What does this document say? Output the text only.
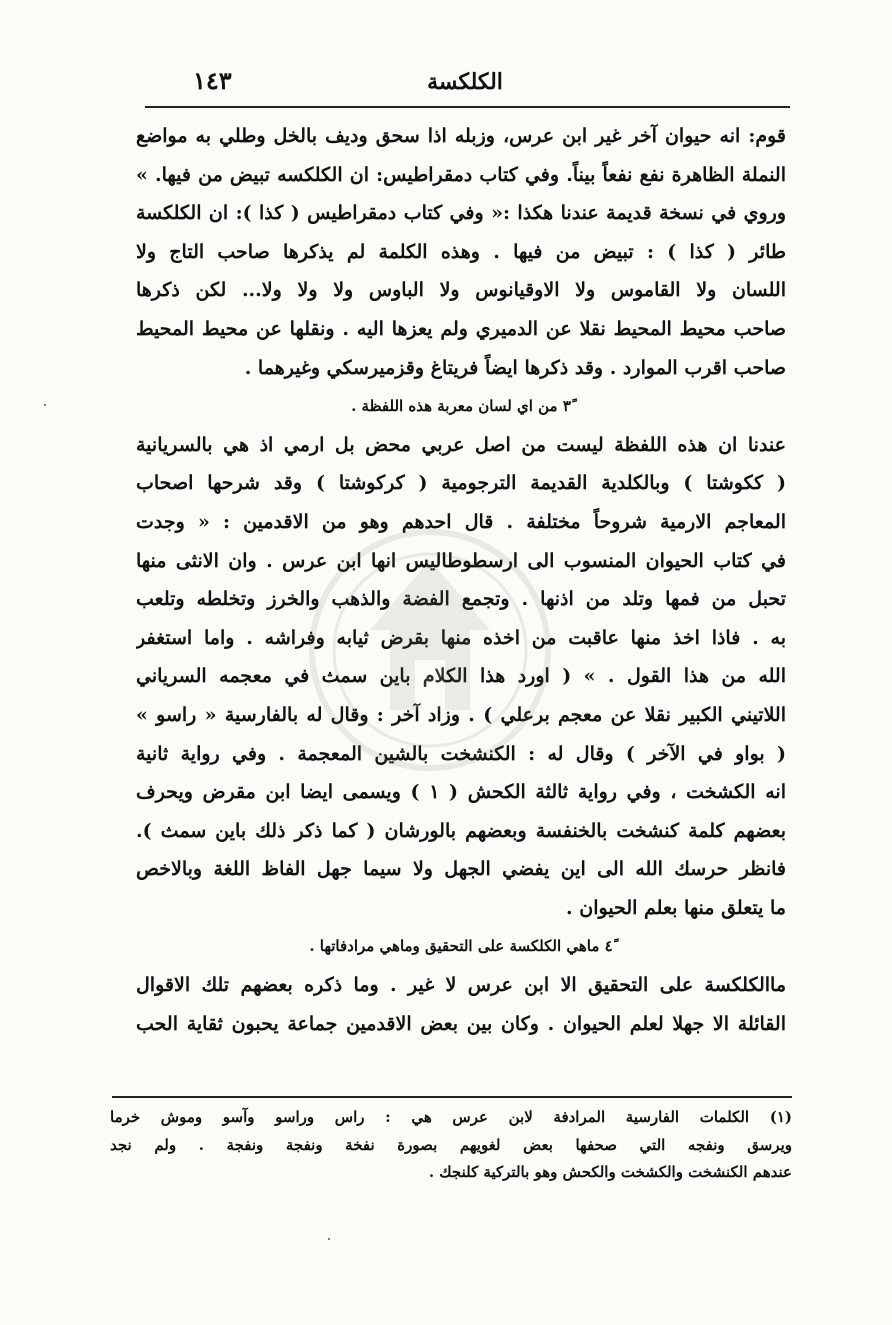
الكلكسة
١٤٣
قوم: انه حيوان آخر غير ابن عرس، وزبله اذا سحق وديف بالخل وطلي به مواضع
النملة الظاهرة نفع نفعاً بيناً. وفي كتاب دمقراطيس: ان الكلكسه تبيض من فيها. »
وروي في نسخة قديمة عندنا هكذا :« وفي كتاب دمقراطيس ( كذا ): ان الكلكسة
طائر ( كذا ) : تبيض من فيها . وهذه الكلمة لم يذكرها صاحب التاج ولا
اللسان ولا القاموس ولا الاوقيانوس ولا الباوس ولا ولا ولا... لكن ذكرها
صاحب محيط المحيط نقلا عن الدميري ولم يعزها اليه . ونقلها عن محيط المحيط
صاحب اقرب الموارد . وقد ذكرها ايضاً فريتاغ وقزميرسكي وغيرهما .
٣ً من اي لسان معربة هذه اللفظة .
عندنا ان هذه اللفظة ليست من اصل عربي محض بل ارمي اذ هي بالسريانية
( ككوشتا ) وبالكلدية القديمة الترجومية ( كركوشتا ) وقد شرحها اصحاب
المعاجم الارمية شروحاً مختلفة . قال احدهم وهو من الاقدمين : « وجدت
في كتاب الحيوان المنسوب الى ارسطوطاليس انها ابن عرس . وان الانثى منها
تحبل من فمها وتلد من اذنها . وتجمع الفضة والذهب والخرز وتخلطه وتلعب
به . فاذا اخذ منها عاقبت من اخذه منها بقرض ثيابه وفراشه . واما استغفر
الله من هذا القول . » ( اورد هذا الكلام باين سمث في معجمه السرياني
اللاتيني الكبير نقلا عن معجم برعلي ) . وزاد آخر : وقال له بالفارسية « راسو »
( بواو في الآخر ) وقال له : الكنشخت بالشين المعجمة . وفي رواية ثانية
انه الكشخت ، وفي رواية ثالثة الكحش ( ١ ) ويسمى ايضا ابن مقرض ويحرف
بعضهم كلمة كنشخت بالخنفسة وبعضهم بالورشان ( كما ذكر ذلك باين سمث ).
فانظر حرسك الله الى اين يفضي الجهل ولا سيما جهل الفاظ اللغة وبالاخص
ما يتعلق منها بعلم الحيوان .
٤ً ماهي الكلكسة على التحقيق وماهي مرادفاتها .
ماالكلكسة على التحقيق الا ابن عرس لا غير . وما ذكره بعضهم تلك الاقوال
القائلة الا جهلا لعلم الحيوان . وكان بين بعض الاقدمين جماعة يحبون ثقاية الحب
(١) الكلمات الفارسية المرادفة لابن عرس هي : راس وراسو وآسو وموش خرما
ويرسق ونفجه التي صحفها بعض لغويهم بصورة نفخة ونفجة ونفجة . ولم نجد
عندهم الكنشخت والكشخت والكحش وهو بالتركية كلنجك .
